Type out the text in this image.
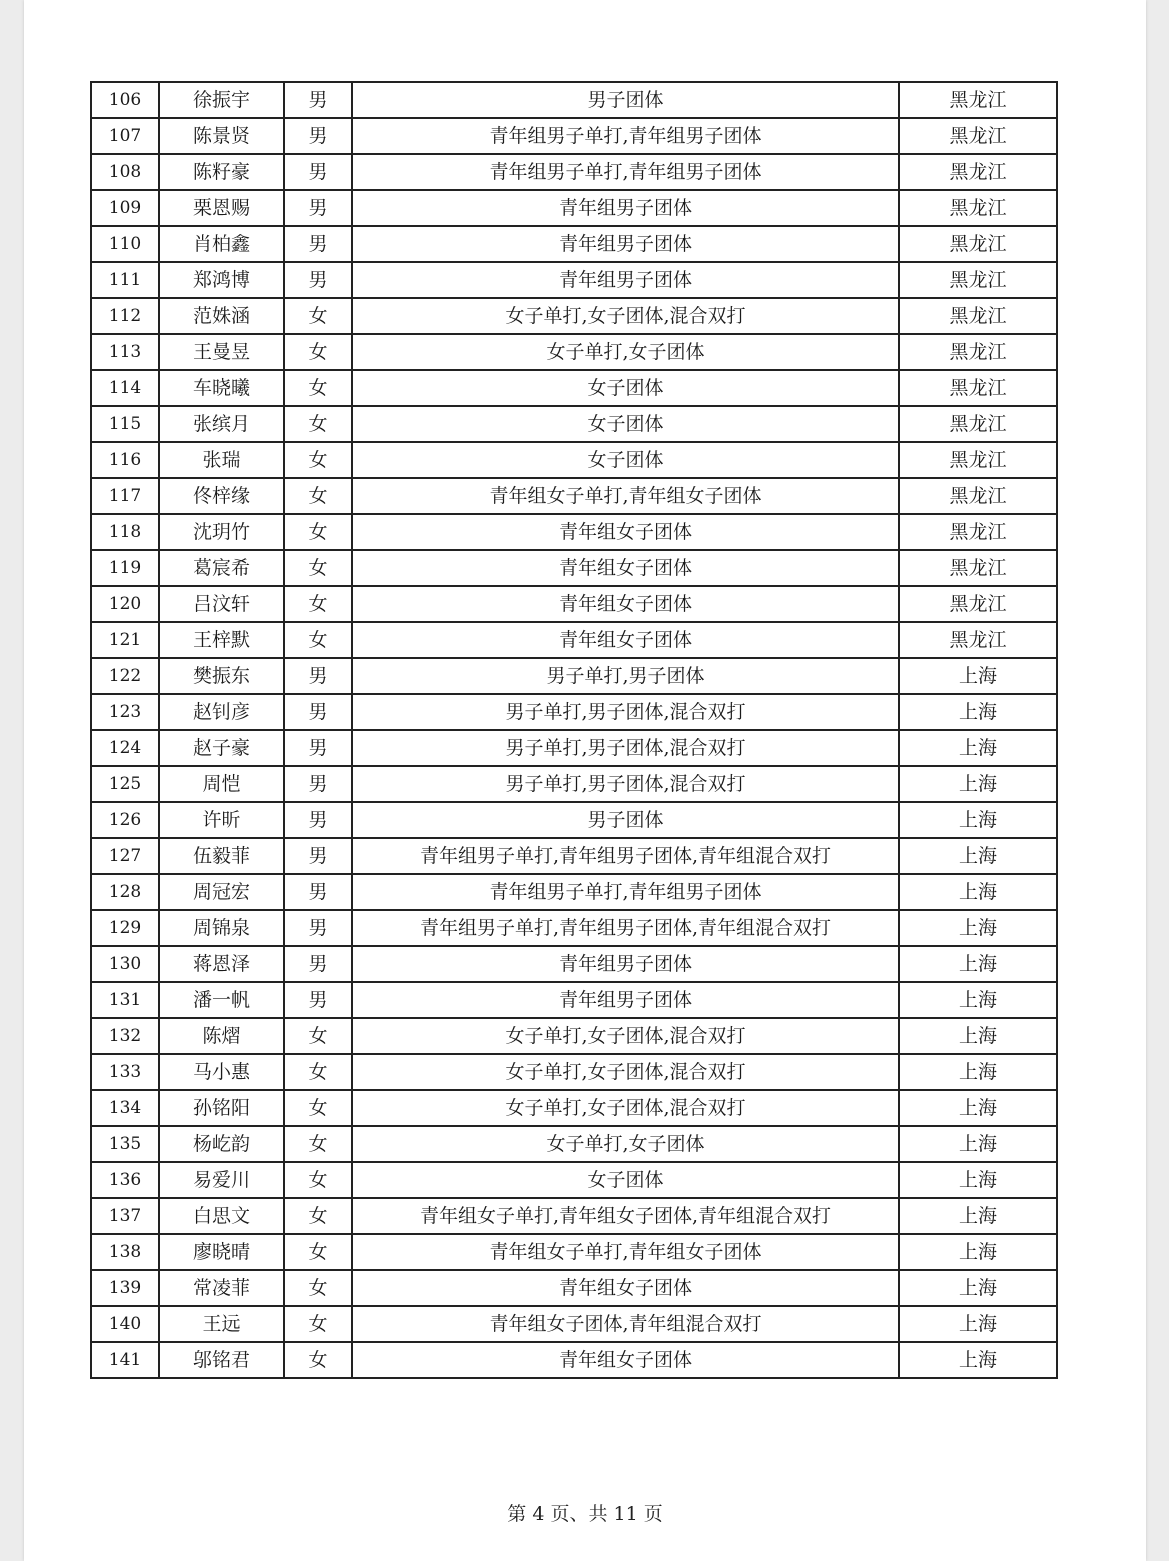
106	徐振宇	男	男子团体	黑龙江
107	陈景贤	男	青年组男子单打,青年组男子团体	黑龙江
108	陈籽豪	男	青年组男子单打,青年组男子团体	黑龙江
109	栗恩赐	男	青年组男子团体	黑龙江
110	肖柏鑫	男	青年组男子团体	黑龙江
111	郑鸿博	男	青年组男子团体	黑龙江
112	范姝涵	女	女子单打,女子团体,混合双打	黑龙江
113	王曼昱	女	女子单打,女子团体	黑龙江
114	车晓曦	女	女子团体	黑龙江
115	张缤月	女	女子团体	黑龙江
116	张瑞	女	女子团体	黑龙江
117	佟梓缘	女	青年组女子单打,青年组女子团体	黑龙江
118	沈玥竹	女	青年组女子团体	黑龙江
119	葛宸希	女	青年组女子团体	黑龙江
120	吕汶轩	女	青年组女子团体	黑龙江
121	王梓默	女	青年组女子团体	黑龙江
122	樊振东	男	男子单打,男子团体	上海
123	赵钊彦	男	男子单打,男子团体,混合双打	上海
124	赵子豪	男	男子单打,男子团体,混合双打	上海
125	周恺	男	男子单打,男子团体,混合双打	上海
126	许昕	男	男子团体	上海
127	伍毅菲	男	青年组男子单打,青年组男子团体,青年组混合双打	上海
128	周冠宏	男	青年组男子单打,青年组男子团体	上海
129	周锦泉	男	青年组男子单打,青年组男子团体,青年组混合双打	上海
130	蒋恩泽	男	青年组男子团体	上海
131	潘一帆	男	青年组男子团体	上海
132	陈熠	女	女子单打,女子团体,混合双打	上海
133	马小惠	女	女子单打,女子团体,混合双打	上海
134	孙铭阳	女	女子单打,女子团体,混合双打	上海
135	杨屹韵	女	女子单打,女子团体	上海
136	易爱川	女	女子团体	上海
137	白思文	女	青年组女子单打,青年组女子团体,青年组混合双打	上海
138	廖晓晴	女	青年组女子单打,青年组女子团体	上海
139	常凌菲	女	青年组女子团体	上海
140	王远	女	青年组女子团体,青年组混合双打	上海
141	邬铭君	女	青年组女子团体	上海
第 4 页、共 11 页
